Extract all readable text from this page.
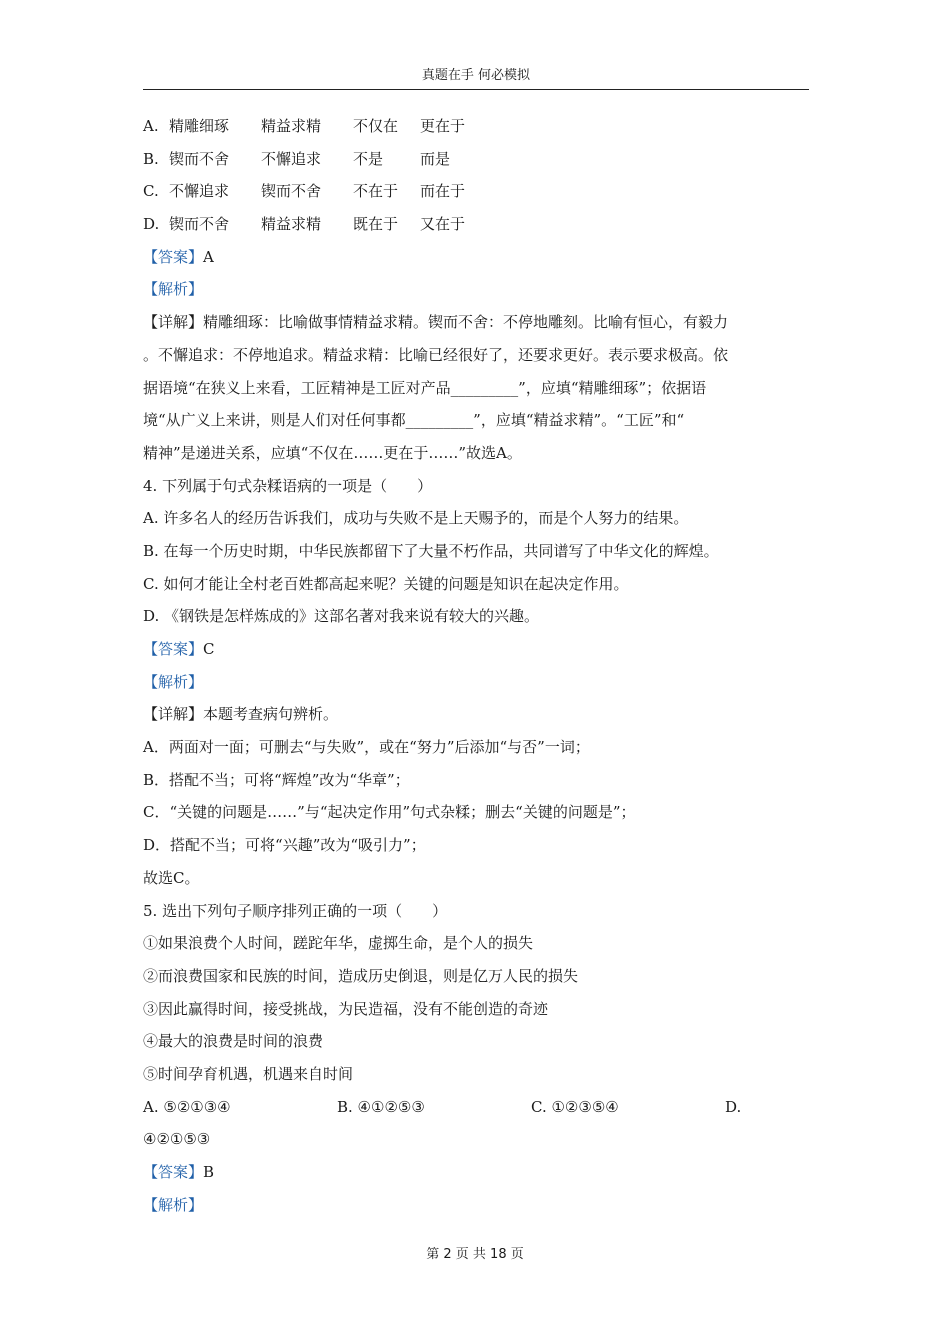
真题在手 何必模拟
A. 精雕细琢 精益求精 不仅在 更在于
B. 锲而不舍 不懈追求 不是 而是
C. 不懈追求 锲而不舍 不在于 而在于
D. 锲而不舍 精益求精 既在于 又在于
【答案】A
【解析】
【详解】精雕细琢：比喻做事情精益求精。锲而不舍：不停地雕刻。比喻有恒心，有毅力
。不懈追求：不停地追求。精益求精：比喻已经很好了，还要求更好。表示要求极高。依
据语境“在狭义上来看，工匠精神是工匠对产品_________”，应填“精雕细琢”；依据语
境“从广义上来讲，则是人们对任何事都_________”，应填“精益求精”。“工匠”和“
精神”是递进关系，应填“不仅在……更在于……”故选A。
4. 下列属于句式杂糅语病的一项是（　　）
A. 许多名人的经历告诉我们，成功与失败不是上天赐予的，而是个人努力的结果。
B. 在每一个历史时期，中华民族都留下了大量不朽作品，共同谱写了中华文化的辉煌。
C. 如何才能让全村老百姓都高起来呢？关键的问题是知识在起决定作用。
D. 《钢铁是怎样炼成的》这部名著对我来说有较大的兴趣。
【答案】C
【解析】
【详解】本题考查病句辨析。
A．两面对一面；可删去“与失败”，或在“努力”后添加“与否”一词；
B．搭配不当；可将“辉煌”改为“华章”；
C．“关键的问题是……”与“起决定作用”句式杂糅；删去“关键的问题是”；
D．搭配不当；可将“兴趣”改为“吸引力”；
故选C。
5. 选出下列句子顺序排列正确的一项（　　）
①如果浪费个人时间，蹉跎年华，虚掷生命，是个人的损失
②而浪费国家和民族的时间，造成历史倒退，则是亿万人民的损失
③因此赢得时间，接受挑战，为民造福，没有不能创造的奇迹
④最大的浪费是时间的浪费
⑤时间孕育机遇，机遇来自时间
A. ⑤②①③④	B. ④①②⑤③	C. ①②③⑤④	D.
④②①⑤③
【答案】B
【解析】
第 2 页 共 18 页
